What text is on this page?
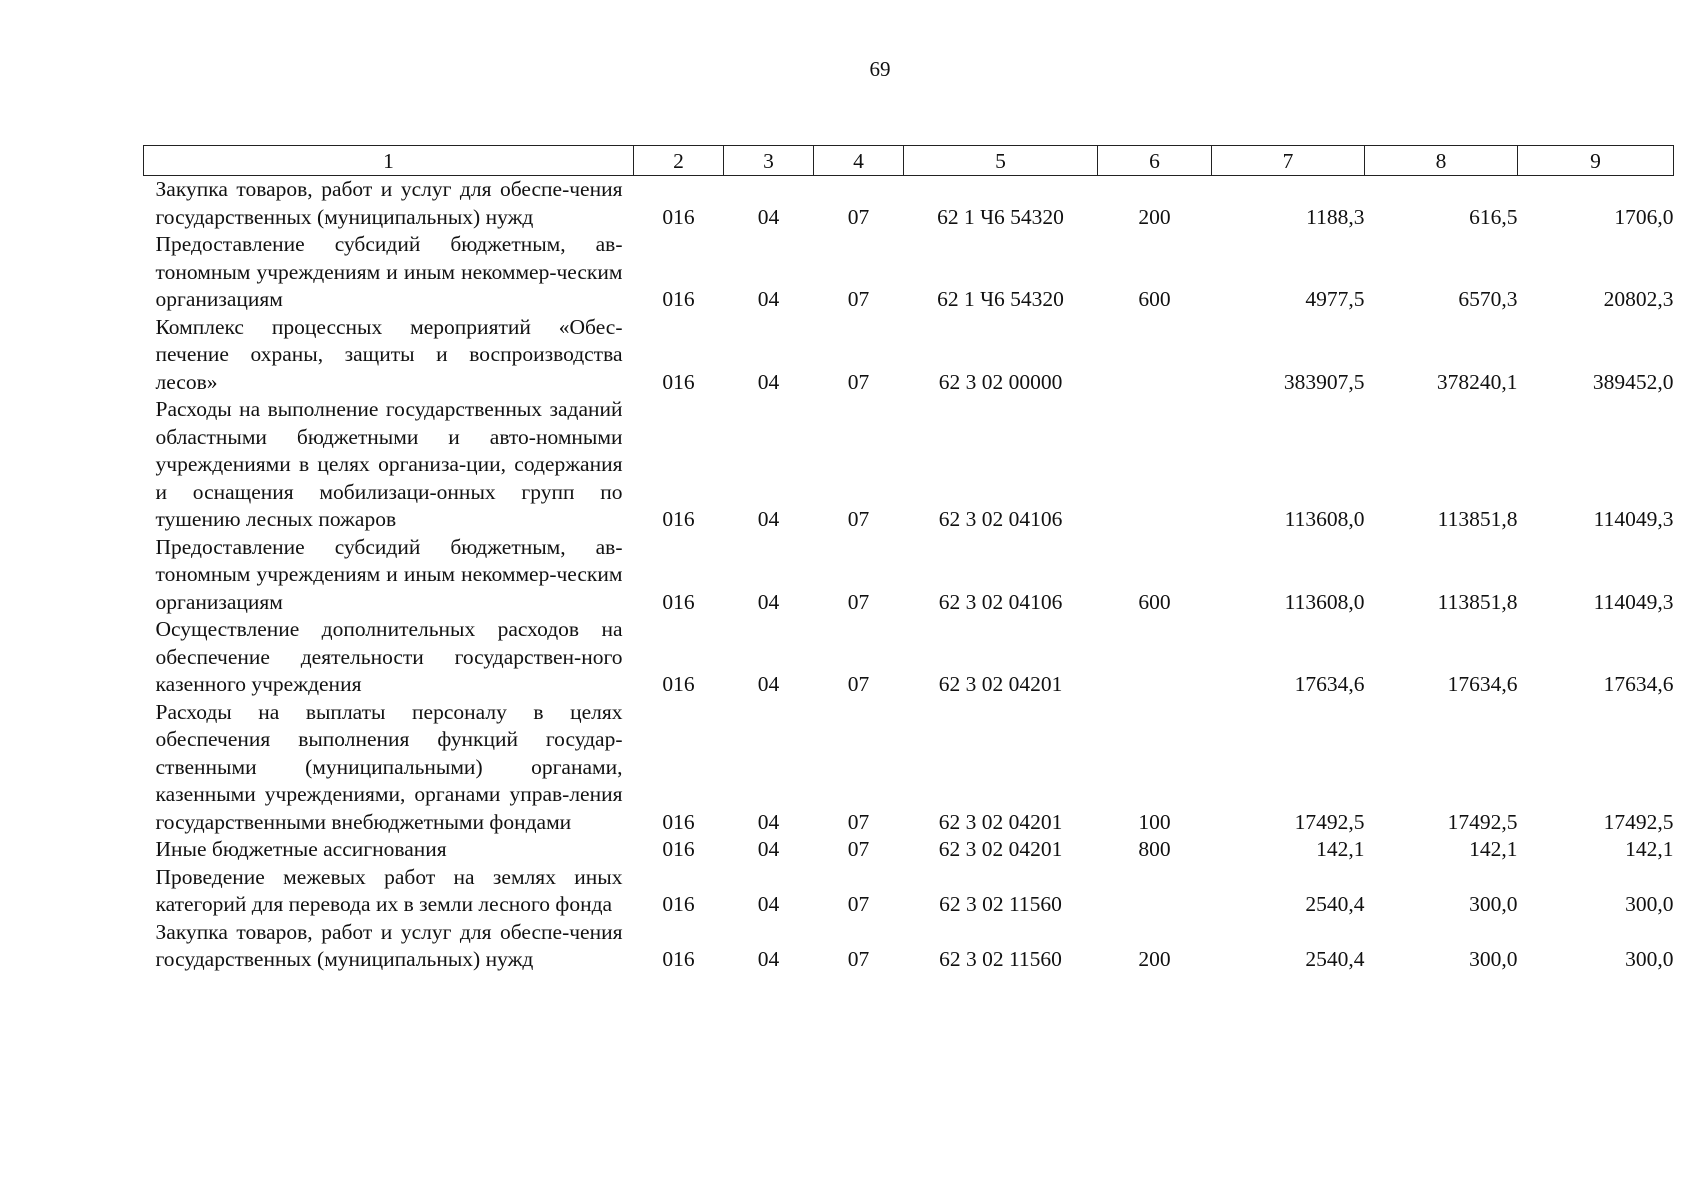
69
1	2	3	4	5	6	7	8	9
Закупка товаров, работ и услуг для обеспе-чения государственных (муниципальных) нужд	016	04	07	62 1 Ч6 54320	200	1188,3	616,5	1706,0
Предоставление субсидий бюджетным, ав-тономным учреждениям и иным некоммер-ческим организациям	016	04	07	62 1 Ч6 54320	600	4977,5	6570,3	20802,3
Комплекс процессных мероприятий «Обес-печение охраны, защиты и воспроизводства лесов»	016	04	07	62 3 02 00000		383907,5	378240,1	389452,0
Расходы на выполнение государственных заданий областными бюджетными и авто-номными учреждениями в целях организа-ции, содержания и оснащения мобилизаци-онных групп по тушению лесных пожаров	016	04	07	62 3 02 04106		113608,0	113851,8	114049,3
Предоставление субсидий бюджетным, ав-тономным учреждениям и иным некоммер-ческим организациям	016	04	07	62 3 02 04106	600	113608,0	113851,8	114049,3
Осуществление дополнительных расходов на обеспечение деятельности государствен-ного казенного учреждения	016	04	07	62 3 02 04201		17634,6	17634,6	17634,6
Расходы на выплаты персоналу в целях обеспечения выполнения функций государ-ственными (муниципальными) органами, казенными учреждениями, органами управ-ления государственными внебюджетными фондами	016	04	07	62 3 02 04201	100	17492,5	17492,5	17492,5
Иные бюджетные ассигнования	016	04	07	62 3 02 04201	800	142,1	142,1	142,1
Проведение межевых работ на землях иных категорий для перевода их в земли лесного фонда	016	04	07	62 3 02 11560		2540,4	300,0	300,0
Закупка товаров, работ и услуг для обеспе-чения государственных (муниципальных) нужд	016	04	07	62 3 02 11560	200	2540,4	300,0	300,0
